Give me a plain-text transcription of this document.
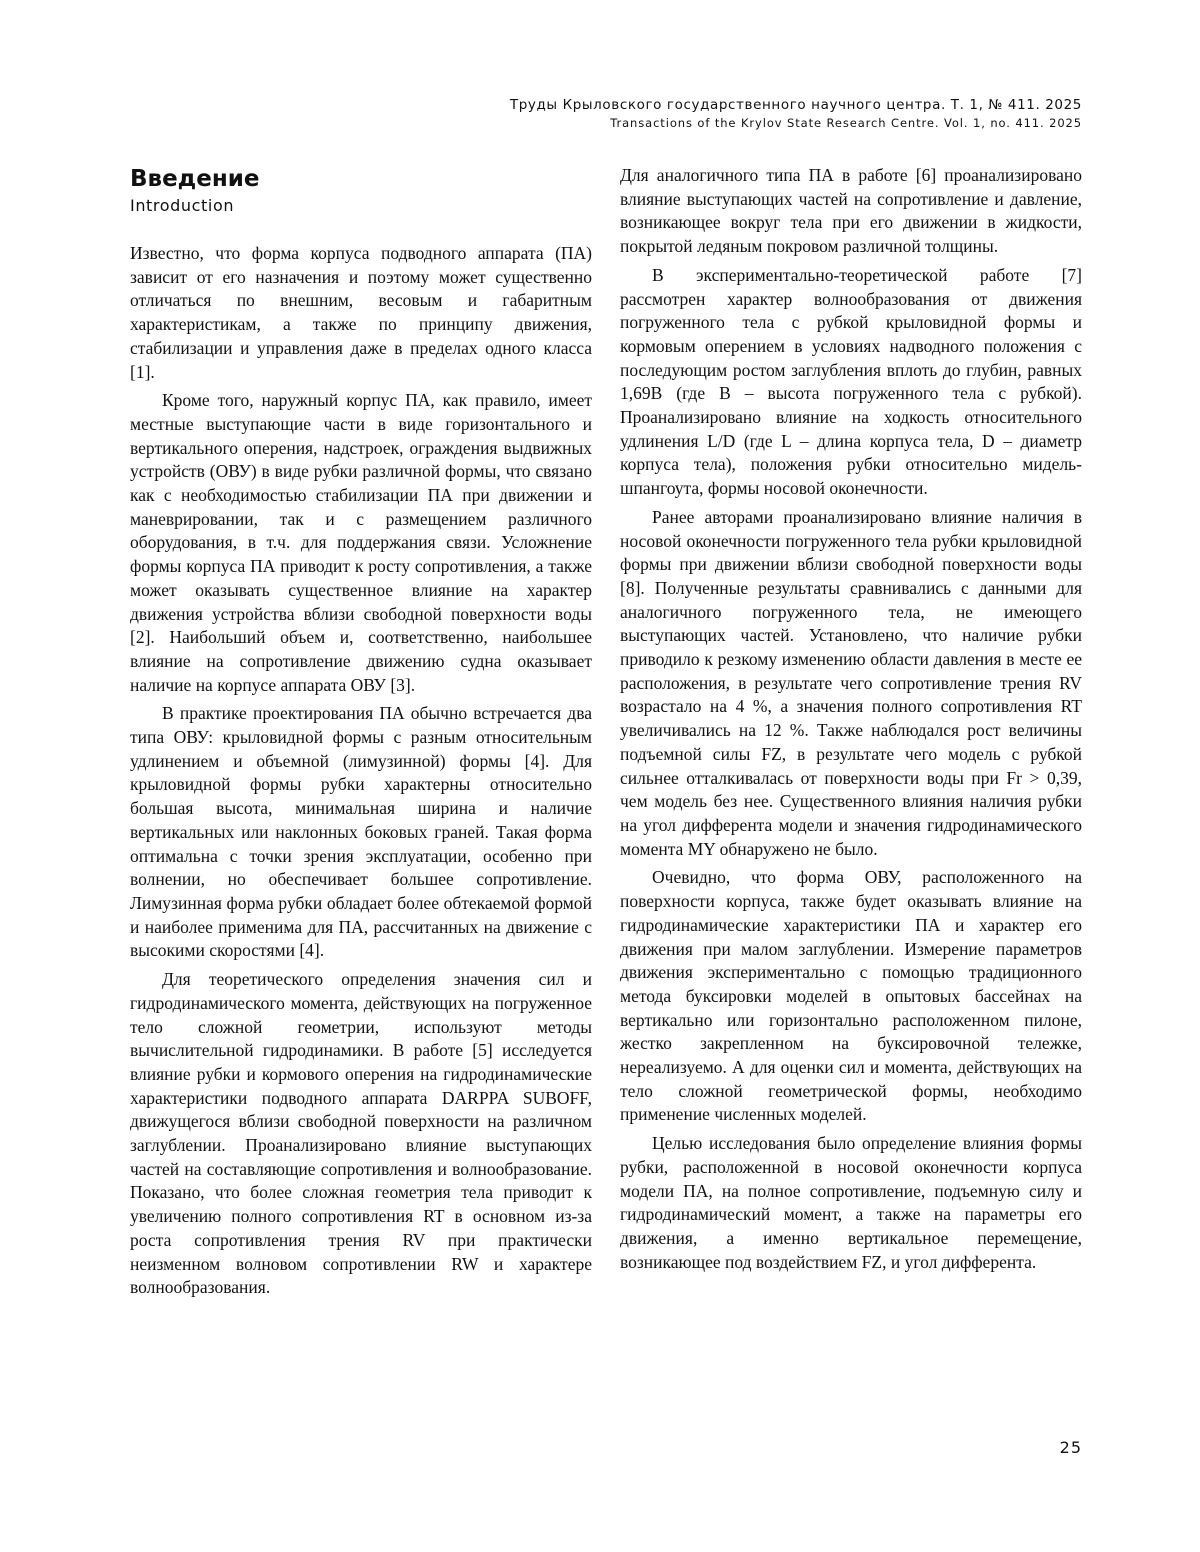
Труды Крыловского государственного научного центра. Т. 1, № 411. 2025
Transactions of the Krylov State Research Centre. Vol. 1, no. 411. 2025
Введение
Introduction

Известно, что форма корпуса подводного аппарата (ПА) зависит от его назначения и поэтому может существенно отличаться по внешним, весовым и габаритным характеристикам, а также по принципу движения, стабилизации и управления даже в пределах одного класса [1].

Кроме того, наружный корпус ПА, как правило, имеет местные выступающие части в виде горизонтального и вертикального оперения, надстроек, ограждения выдвижных устройств (ОВУ) в виде рубки различной формы, что связано как с необходимостью стабилизации ПА при движении и маневрировании, так и с размещением различного оборудования, в т.ч. для поддержания связи. Усложнение формы корпуса ПА приводит к росту сопротивления, а также может оказывать существенное влияние на характер движения устройства вблизи свободной поверхности воды [2]. Наибольший объем и, соответственно, наибольшее влияние на сопротивление движению судна оказывает наличие на корпусе аппарата ОВУ [3].

В практике проектирования ПА обычно встречается два типа ОВУ: крыловидной формы с разным относительным удлинением и объемной (лимузинной) формы [4]. Для крыловидной формы рубки характерны относительно большая высота, минимальная ширина и наличие вертикальных или наклонных боковых граней. Такая форма оптимальна с точки зрения эксплуатации, особенно при волнении, но обеспечивает большее сопротивление. Лимузинная форма рубки обладает более обтекаемой формой и наиболее применима для ПА, рассчитанных на движение с высокими скоростями [4].

Для теоретического определения значения сил и гидродинамического момента, действующих на погруженное тело сложной геометрии, используют методы вычислительной гидродинамики. В работе [5] исследуется влияние рубки и кормового оперения на гидродинамические характеристики подводного аппарата DARPPA SUBOFF, движущегося вблизи свободной поверхности на различном заглублении. Проанализировано влияние выступающих частей на составляющие сопротивления и волнообразование. Показано, что более сложная геометрия тела приводит к увеличению полного сопротивления RT в основном из-за роста сопротивления трения RV при практически неизменном волновом сопротивлении RW и характере волнообразования.

Для аналогичного типа ПА в работе [6] проанализировано влияние выступающих частей на сопротивление и давление, возникающее вокруг тела при его движении в жидкости, покрытой ледяным покровом различной толщины.

В экспериментально-теоретической работе [7] рассмотрен характер волнообразования от движения погруженного тела с рубкой крыловидной формы и кормовым оперением в условиях надводного положения с последующим ростом заглубления вплоть до глубин, равных 1,69B (где B – высота погруженного тела с рубкой). Проанализировано влияние на ходкость относительного удлинения L/D (где L – длина корпуса тела, D – диаметр корпуса тела), положения рубки относительно мидель-шпангоута, формы носовой оконечности.

Ранее авторами проанализировано влияние наличия в носовой оконечности погруженного тела рубки крыловидной формы при движении вблизи свободной поверхности воды [8]. Полученные результаты сравнивались с данными для аналогичного погруженного тела, не имеющего выступающих частей. Установлено, что наличие рубки приводило к резкому изменению области давления в месте ее расположения, в результате чего сопротивление трения RV возрастало на 4 %, а значения полного сопротивления RT увеличивались на 12 %. Также наблюдался рост величины подъемной силы FZ, в результате чего модель с рубкой сильнее отталкивалась от поверхности воды при Fr > 0,39, чем модель без нее. Существенного влияния наличия рубки на угол дифферента модели и значения гидродинамического момента MY обнаружено не было.

Очевидно, что форма ОВУ, расположенного на поверхности корпуса, также будет оказывать влияние на гидродинамические характеристики ПА и характер его движения при малом заглублении. Измерение параметров движения экспериментально с помощью традиционного метода буксировки моделей в опытовых бассейнах на вертикально или горизонтально расположенном пилоне, жестко закрепленном на буксировочной тележке, нереализуемо. А для оценки сил и момента, действующих на тело сложной геометрической формы, необходимо применение численных моделей.

Целью исследования было определение влияния формы рубки, расположенной в носовой оконечности корпуса модели ПА, на полное сопротивление, подъемную силу и гидродинамический момент, а также на параметры его движения, а именно вертикальное перемещение, возникающее под воздействием FZ, и угол дифферента.

25
